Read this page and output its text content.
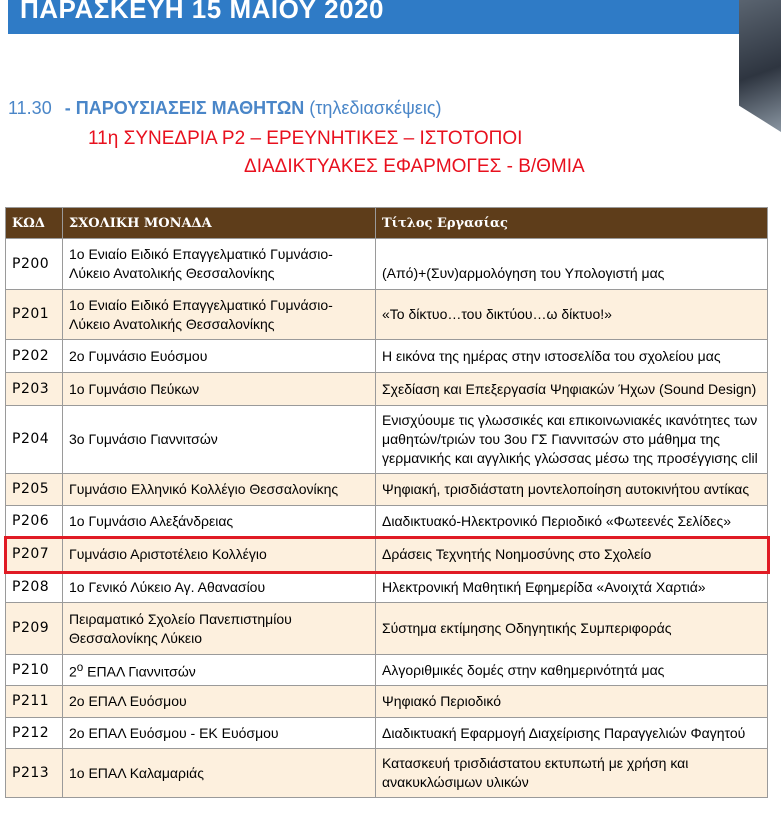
ΠΑΡΑΣΚΕΥΗ 15 ΜΑΙΟΥ 2020
11.30 - ΠΑΡΟΥΣΙΑΣΕΙΣ ΜΑΘΗΤΩΝ (τηλεδιασκέψεις)
11η ΣΥΝΕΔΡΙΑ Ρ2 – ΕΡΕΥΝΗΤΙΚΕΣ – ΙΣΤΟΤΟΠΟΙ
ΔΙΑΔΙΚΤΥΑΚΕΣ ΕΦΑΡΜΟΓΕΣ - Β/ΘΜΙΑ
ΚΩΔ	ΣΧΟΛΙΚΗ ΜΟΝΑΔΑ	Τίτλος Εργασίας
P200	1ο Ενιαίο Ειδικό Επαγγελματικό Γυμνάσιο-
Λύκειο Ανατολικής Θεσσαλονίκης	(Από)+(Συν)αρμολόγηση του Υπολογιστή μας
P201	1ο Ενιαίο Ειδικό Επαγγελματικό Γυμνάσιο-
Λύκειο Ανατολικής Θεσσαλονίκης	«Το δίκτυο…του δικτύου…ω δίκτυο!»
P202	2ο Γυμνάσιο Ευόσμου	Η εικόνα της ημέρας στην ιστοσελίδα του σχολείου μας
P203	1ο Γυμνάσιο Πεύκων	Σχεδίαση και Επεξεργασία Ψηφιακών Ήχων (Sound Design)
P204	3ο Γυμνάσιο Γιαννιτσών	Ενισχύουμε τις γλωσσικές και επικοινωνιακές ικανότητες των
μαθητών/τριών του 3ου ΓΣ Γιαννιτσών στο μάθημα της
γερμανικής και αγγλικής γλώσσας μέσω της προσέγγισης clil
P205	Γυμνάσιο Ελληνικό Κολλέγιο Θεσσαλονίκης	Ψηφιακή, τρισδιάστατη μοντελοποίηση αυτοκινήτου αντίκας
P206	1ο Γυμνάσιο Αλεξάνδρειας	Διαδικτυακό-Ηλεκτρονικό Περιοδικό «Φωτεενές Σελίδες»
P207	Γυμνάσιο Αριστοτέλειο Κολλέγιο	Δράσεις Τεχνητής Νοημοσύνης στο Σχολείο
P208	1ο Γενικό Λύκειο Αγ. Αθανασίου	Ηλεκτρονική Μαθητική Εφημερίδα «Ανοιχτά Χαρτιά»
P209	Πειραματικό Σχολείο Πανεπιστημίου
Θεσσαλονίκης Λύκειο	Σύστημα εκτίμησης Οδηγητικής Συμπεριφοράς
P210	$2^o$ ΕΠΑΛ Γιαννιτσών	Αλγοριθμικές δομές στην καθημερινότητά μας
P211	2ο ΕΠΑΛ Ευόσμου	Ψηφιακό Περιοδικό
P212	2ο ΕΠΑΛ Ευόσμου - ΕΚ Ευόσμου	Διαδικτυακή Εφαρμογή Διαχείρισης Παραγγελιών Φαγητού
P213	1ο ΕΠΑΛ Καλαμαριάς	Κατασκευή τρισδιάστατου εκτυπωτή με χρήση και
ανακυκλώσιμων υλικών
